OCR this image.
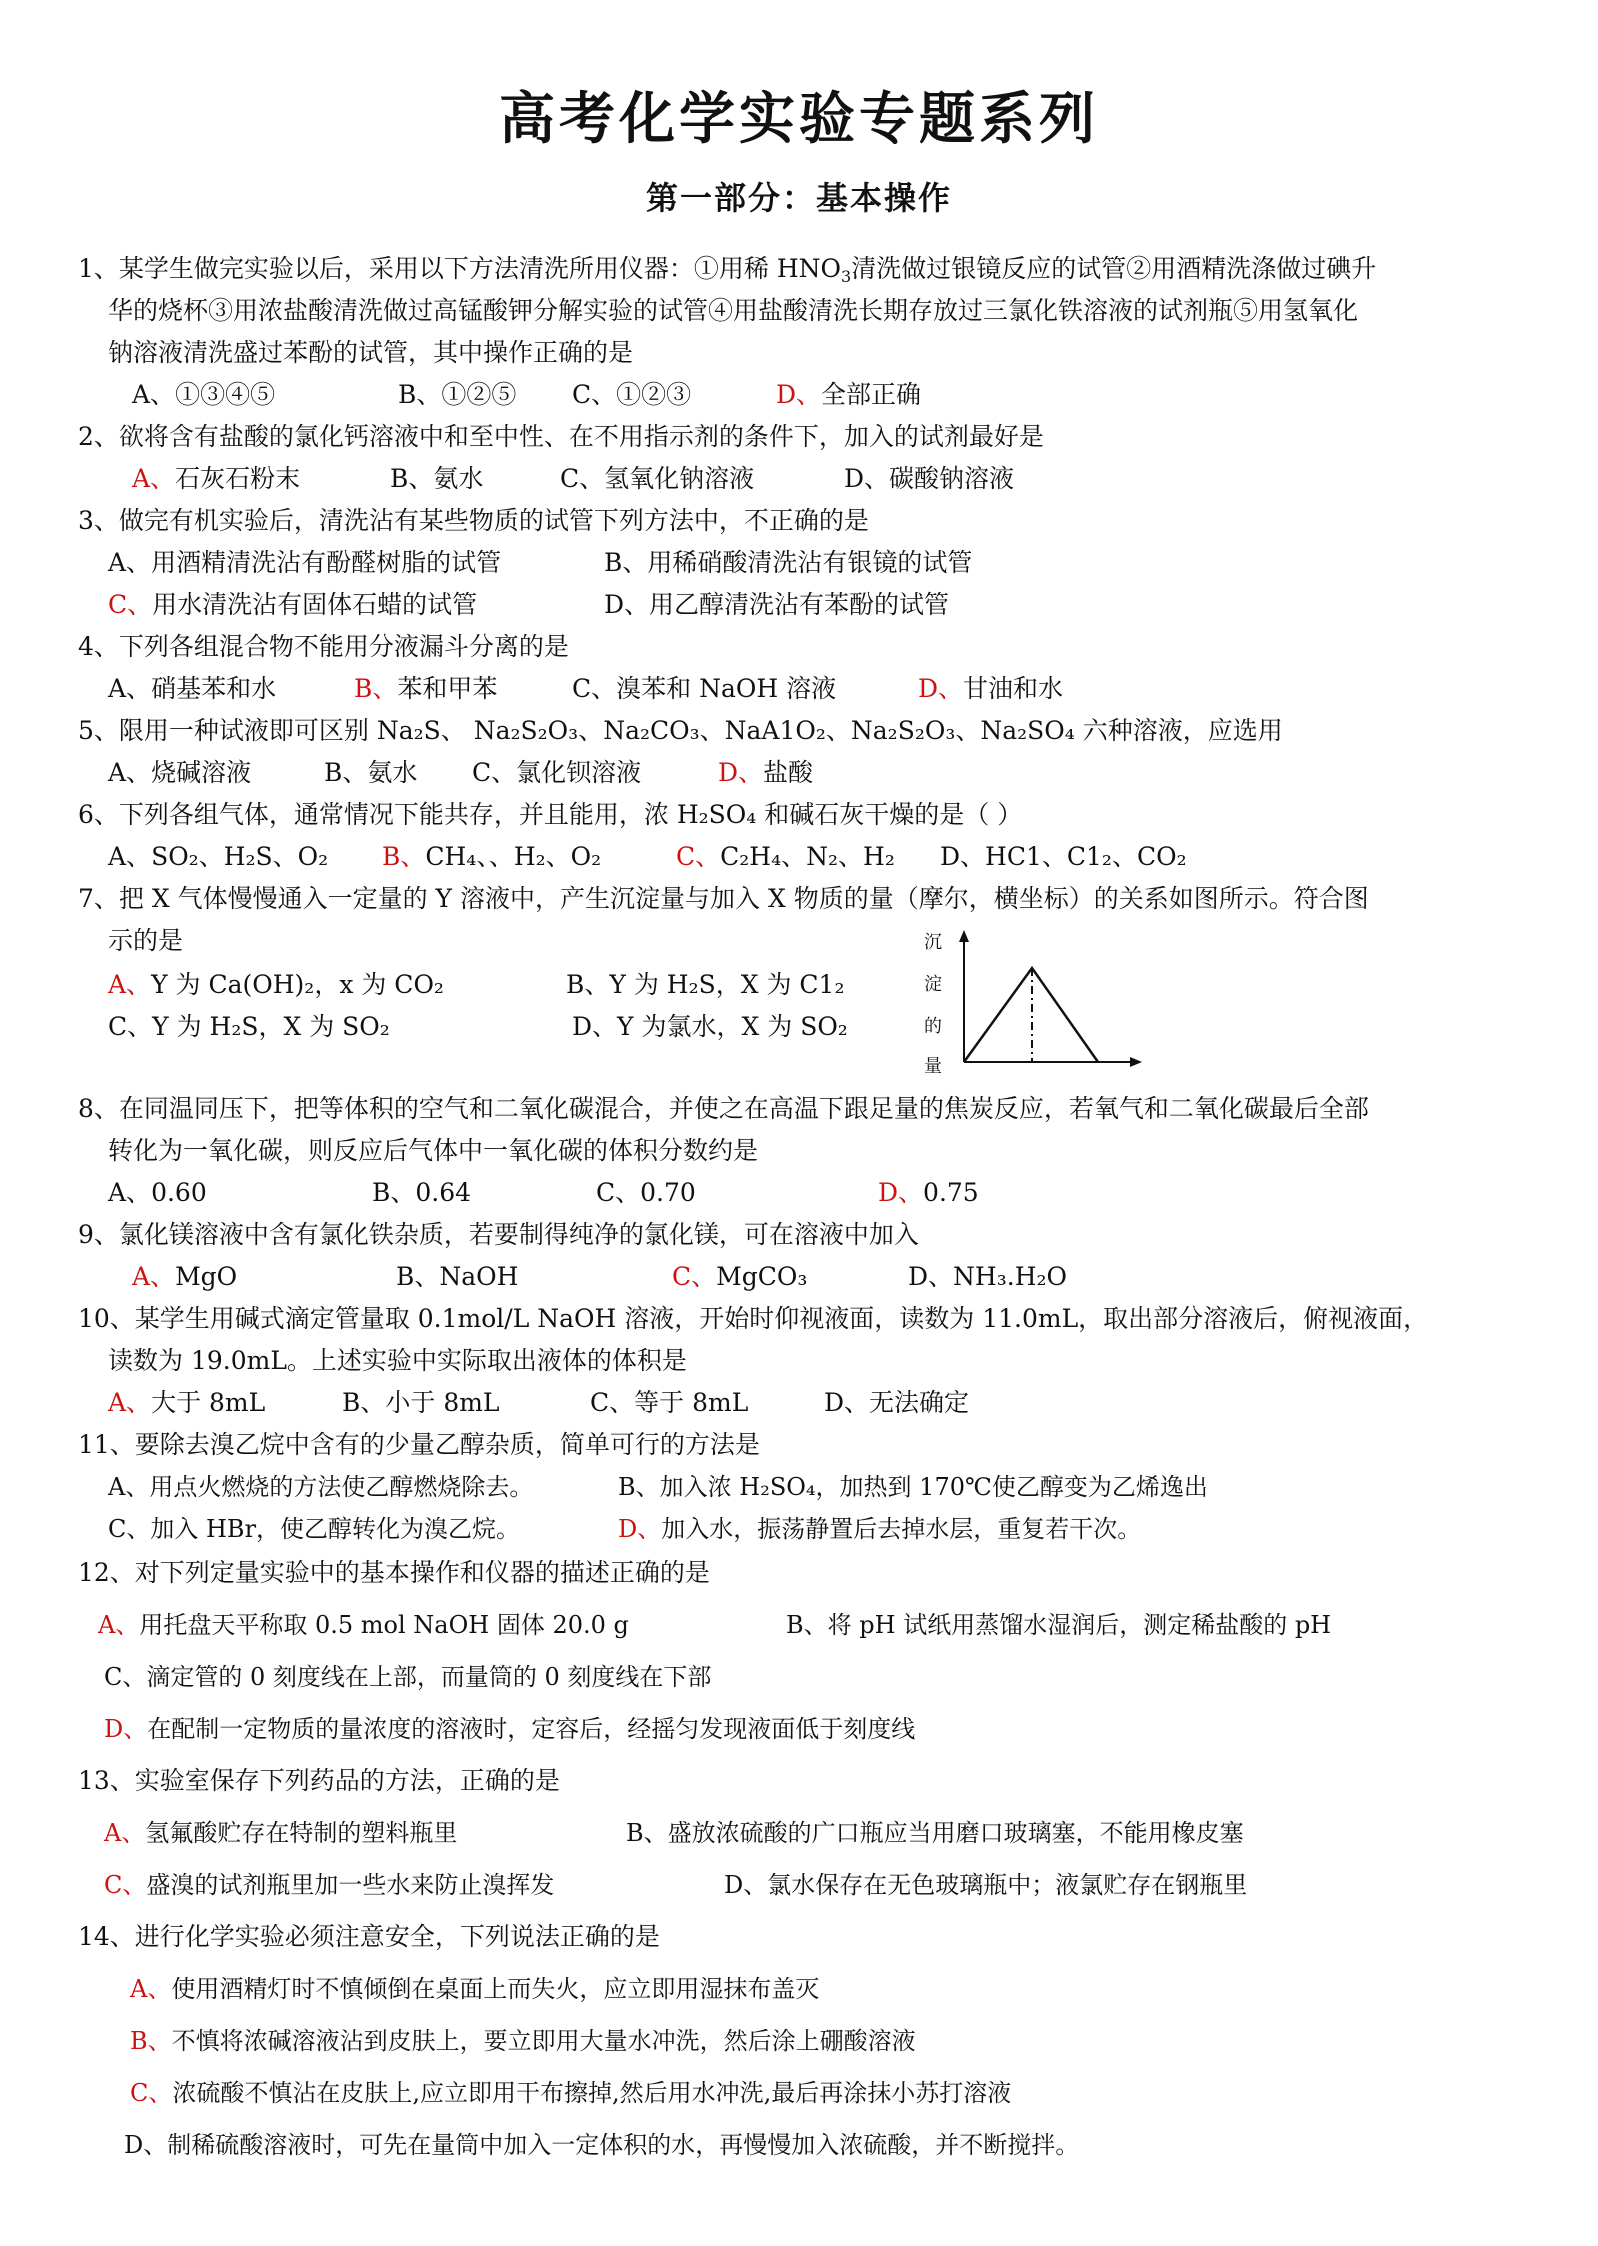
高考化学实验专题系列
第一部分：基本操作
1、某学生做完实验以后，采用以下方法清洗所用仪器：①用稀 $HNO_3$清洗做过银镜反应的试管②用酒精洗涤做过碘升
华的烧杯③用浓盐酸清洗做过高锰酸钾分解实验的试管④用盐酸清洗长期存放过三氯化铁溶液的试剂瓶⑤用氢氧化
钠溶液清洗盛过苯酚的试管，其中操作正确的是
A、①③④⑤	B、①②⑤ C、①②③	D、全部正确
2、欲将含有盐酸的氯化钙溶液中和至中性、在不用指示剂的条件下，加入的试剂最好是
A、石灰石粉末	B、氨水	C、氢氧化钠溶液	D、碳酸钠溶液
3、做完有机实验后，清洗沾有某些物质的试管下列方法中，不正确的是
A、用酒精清洗沾有酚醛树脂的试管	B、用稀硝酸清洗沾有银镜的试管
C、用水清洗沾有固体石蜡的试管	D、用乙醇清洗沾有苯酚的试管
4、下列各组混合物不能用分液漏斗分离的是
A、硝基苯和水	B、苯和甲苯	C、溴苯和 NaOH 溶液	D、甘油和水
5、限用一种试液即可区别 Na₂S、 Na₂S₂O₃、Na₂CO₃、NaA1O₂、Na₂S₂O₃、Na₂SO₄ 六种溶液，应选用
A、烧碱溶液	B、氨水 C、氯化钡溶液	D、盐酸
6、下列各组气体，通常情况下能共存，并且能用，浓 H₂SO₄ 和碱石灰干燥的是（ ）
A、SO₂、H₂S、O₂ B、CH₄、、H₂、O₂	C、C₂H₄、N₂、H₂ D、HC1、C1₂、CO₂
7、把 X 气体慢慢通入一定量的 Y 溶液中，产生沉淀量与加入 X 物质的量（摩尔，横坐标）的关系如图所示。符合图
示的是
A、Y 为 Ca(OH)₂，x 为 CO₂	B、Y 为 H₂S，X 为 C1₂
C、Y 为 H₂S，X 为 SO₂	D、Y 为氯水，X 为 SO₂
沉
淀
的
量
8、在同温同压下，把等体积的空气和二氧化碳混合，并使之在高温下跟足量的焦炭反应，若氧气和二氧化碳最后全部
转化为一氧化碳，则反应后气体中一氧化碳的体积分数约是
A、0.60	B、0.64	C、0.70	D、0.75
9、氯化镁溶液中含有氯化铁杂质，若要制得纯净的氯化镁，可在溶液中加入
A、MgO	B、NaOH	C、MgCO₃	D、NH₃.H₂O
10、某学生用碱式滴定管量取 0.1mol/L NaOH 溶液，开始时仰视液面，读数为 11.0mL，取出部分溶液后，俯视液面，
读数为 19.0mL。上述实验中实际取出液体的体积是
A、大于 8mL	B、小于 8mL	C、等于 8mL	D、无法确定
11、要除去溴乙烷中含有的少量乙醇杂质，简单可行的方法是
A、用点火燃烧的方法使乙醇燃烧除去。	B、加入浓 H₂SO₄，加热到 170℃使乙醇变为乙烯逸出
C、加入 HBr，使乙醇转化为溴乙烷。	D、加入水，振荡静置后去掉水层，重复若干次。
12、对下列定量实验中的基本操作和仪器的描述正确的是
A、用托盘天平称取 0.5 mol NaOH 固体 20.0 g	B、将 pH 试纸用蒸馏水湿润后，测定稀盐酸的 pH
C、滴定管的 0 刻度线在上部，而量筒的 0 刻度线在下部
D、在配制一定物质的量浓度的溶液时，定容后，经摇匀发现液面低于刻度线
13、实验室保存下列药品的方法，正确的是
A、氢氟酸贮存在特制的塑料瓶里	B、盛放浓硫酸的广口瓶应当用磨口玻璃塞，不能用橡皮塞
C、盛溴的试剂瓶里加一些水来防止溴挥发	D、氯水保存在无色玻璃瓶中；液氯贮存在钢瓶里
14、进行化学实验必须注意安全，下列说法正确的是
A、使用酒精灯时不慎倾倒在桌面上而失火，应立即用湿抹布盖灭
B、不慎将浓碱溶液沾到皮肤上，要立即用大量水冲洗，然后涂上硼酸溶液
C、浓硫酸不慎沾在皮肤上,应立即用干布擦掉,然后用水冲洗,最后再涂抹小苏打溶液
D、制稀硫酸溶液时，可先在量筒中加入一定体积的水，再慢慢加入浓硫酸，并不断搅拌。
